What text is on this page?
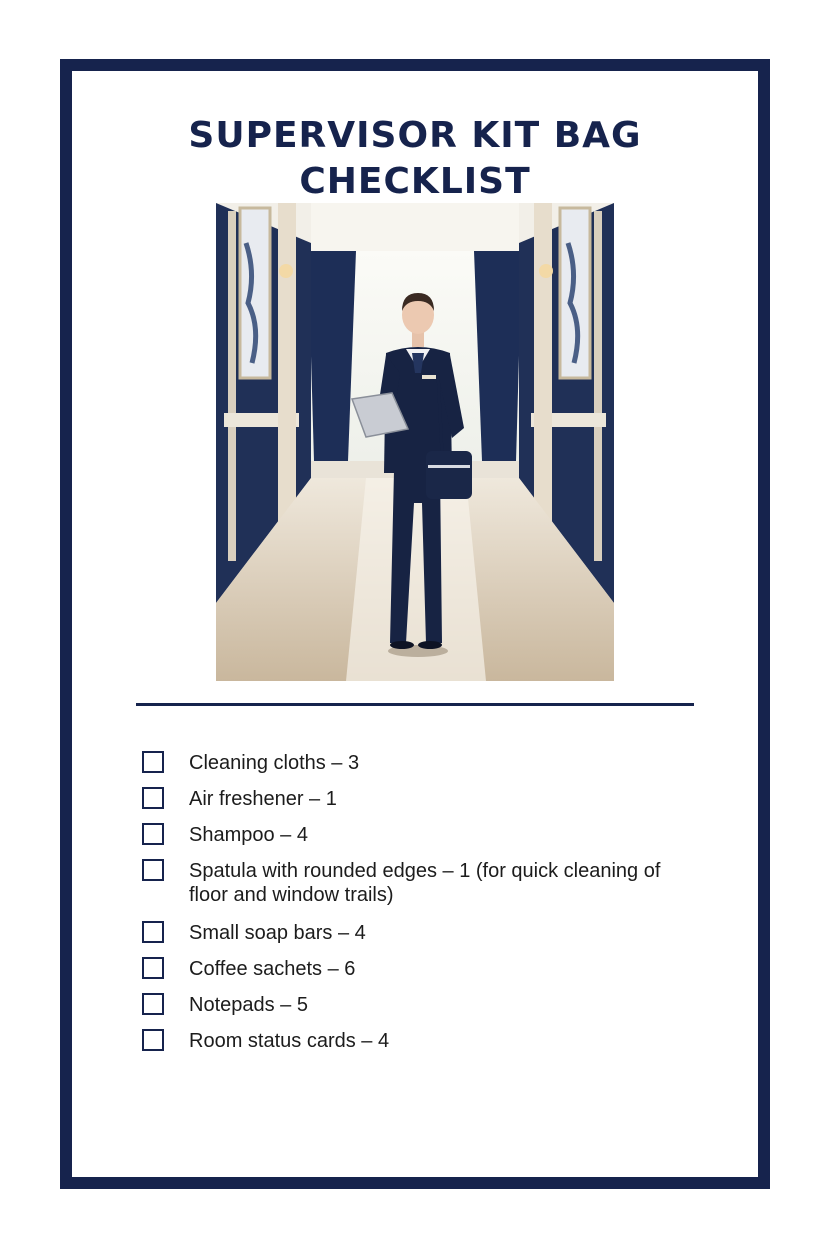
SUPERVISOR KIT BAG
CHECKLIST
Cleaning cloths – 3
Air freshener – 1
Shampoo – 4
Spatula with rounded edges – 1 (for quick cleaning of floor and window trails)
Small soap bars – 4
Coffee sachets – 6
Notepads – 5
Room status cards – 4
